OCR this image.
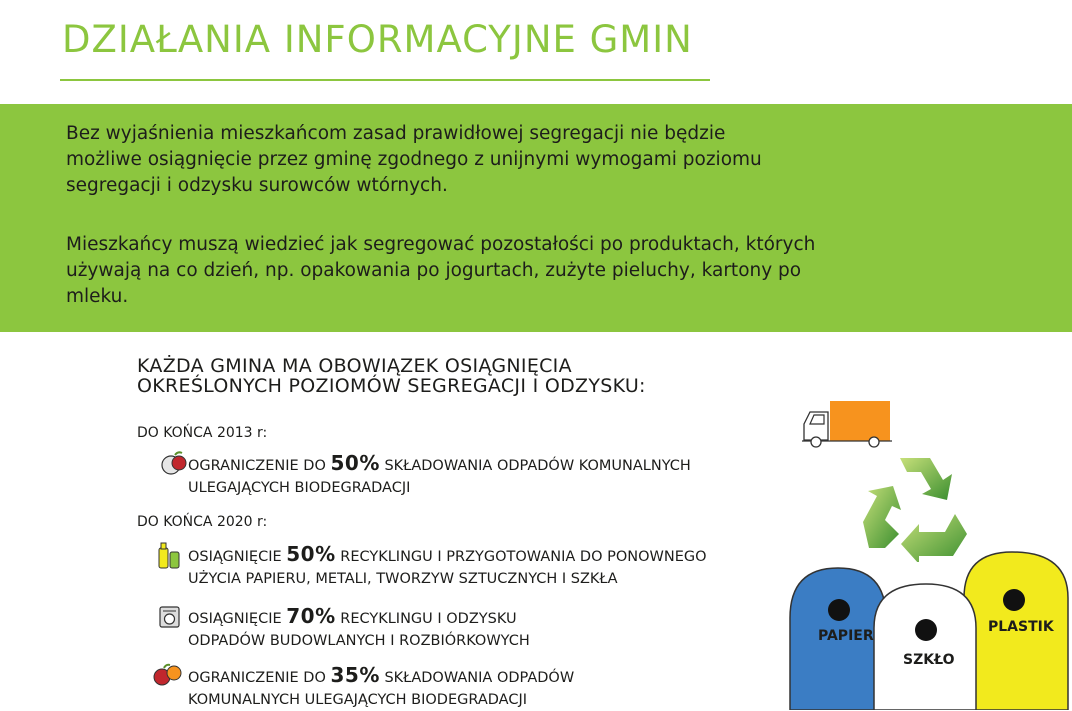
DZIAŁANIA INFORMACYJNE GMIN

Bez wyjaśnienia mieszkańcom zasad prawidłowej segregacji nie będzie możliwe osiągnięcie przez gminę zgodnego z unijnymi wymogami poziomu segregacji i odzysku surowców wtórnych.

Mieszkańcy muszą wiedzieć jak segregować pozostałości po produktach, których używają na co dzień, np. opakowania po jogurtach, zużyte pieluchy, kartony po mleku.

KAŻDA GMINA MA OBOWIĄZEK OSIĄGNIĘCIA
OKREŚLONYCH POZIOMÓW SEGREGACJI I ODZYSKU:
DO KOŃCA 2013 r:
DO KOŃCA 2020 r:
OGRANICZENIE DO 50% SKŁADOWANIA ODPADÓW KOMUNALNYCH
ULEGAJĄCYCH BIODEGRADACJI
OSIĄGNIĘCIE 50% RECYKLINGU I PRZYGOTOWANIA DO PONOWNEGO
UŻYCIA PAPIERU, METALI, TWORZYW SZTUCZNYCH I SZKŁA
OSIĄGNIĘCIE 70% RECYKLINGU I ODZYSKU
ODPADÓW BUDOWLANYCH I ROZBIÓRKOWYCH
OGRANICZENIE DO 35% SKŁADOWANIA ODPADÓW
KOMUNALNYCH ULEGAJĄCYCH BIODEGRADACJI
PAPIER
SZKŁO
PLASTIK
